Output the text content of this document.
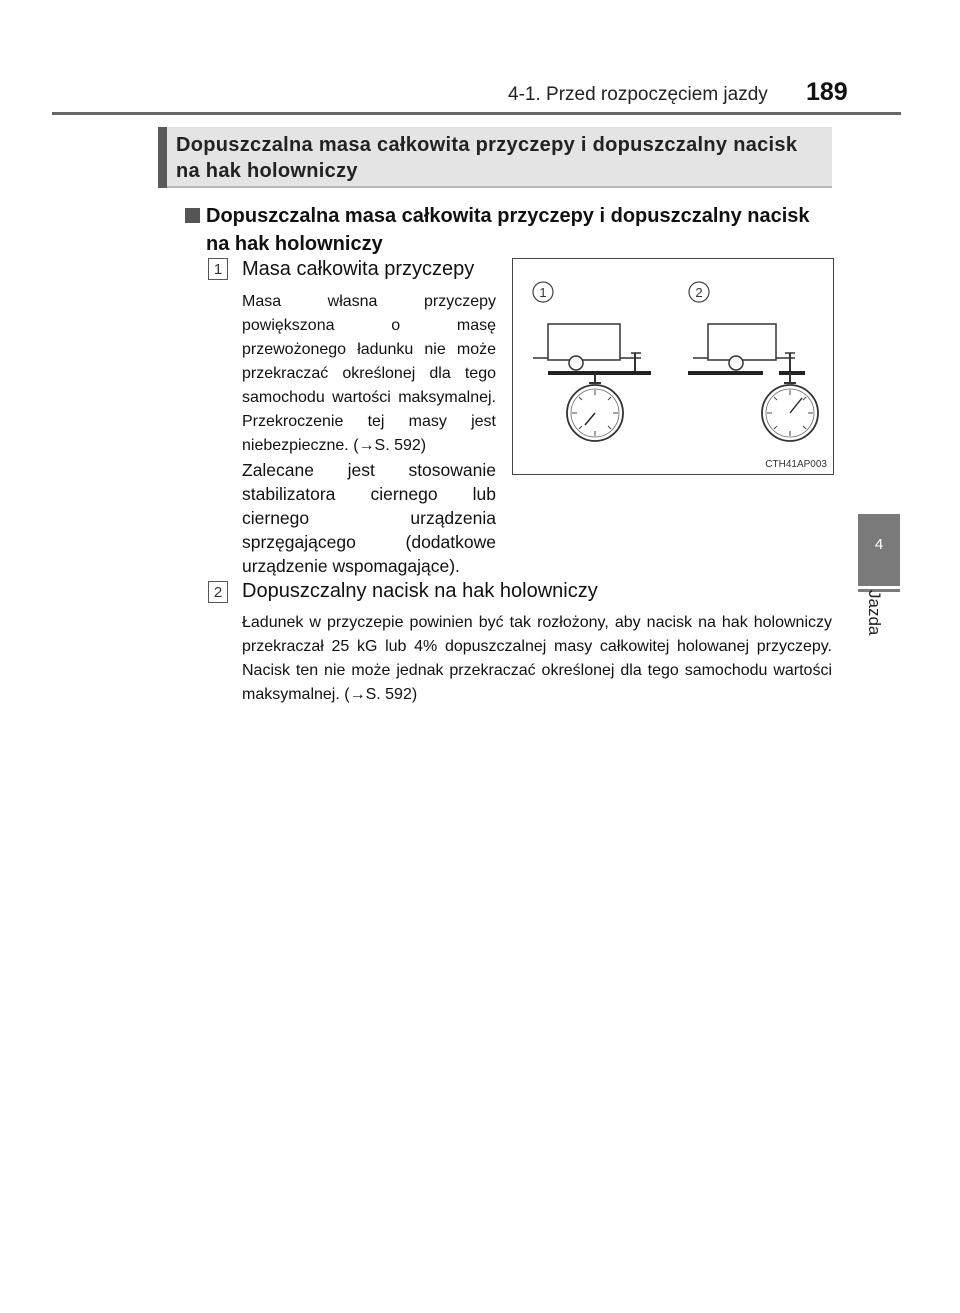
4-1. Przed rozpoczęciem jazdy 189
4
Jazda
Dopuszczalna masa całkowita przyczepy i dopuszczalny nacisk na hak holowniczy
Dopuszczalna masa całkowita przyczepy i dopuszczalny nacisk na hak holowniczy
1 Masa całkowita przyczepy
Masa własna przyczepy powiększona o masę przewożonego ładunku nie może przekraczać określonej dla tego samochodu wartości maksymalnej. Przekroczenie tej masy jest niebezpieczne. (→S. 592)
Zalecane jest stosowanie stabilizatora ciernego lub ciernego urządzenia sprzęgającego (dodatkowe urządzenie wspomagające).
1	2
CTH41AP003
2 Dopuszczalny nacisk na hak holowniczy
Ładunek w przyczepie powinien być tak rozłożony, aby nacisk na hak holowniczy przekraczał 25 kG lub 4% dopuszczalnej masy całkowitej holowanej przyczepy. Nacisk ten nie może jednak przekraczać określonej dla tego samochodu wartości maksymalnej. (→S. 592)
